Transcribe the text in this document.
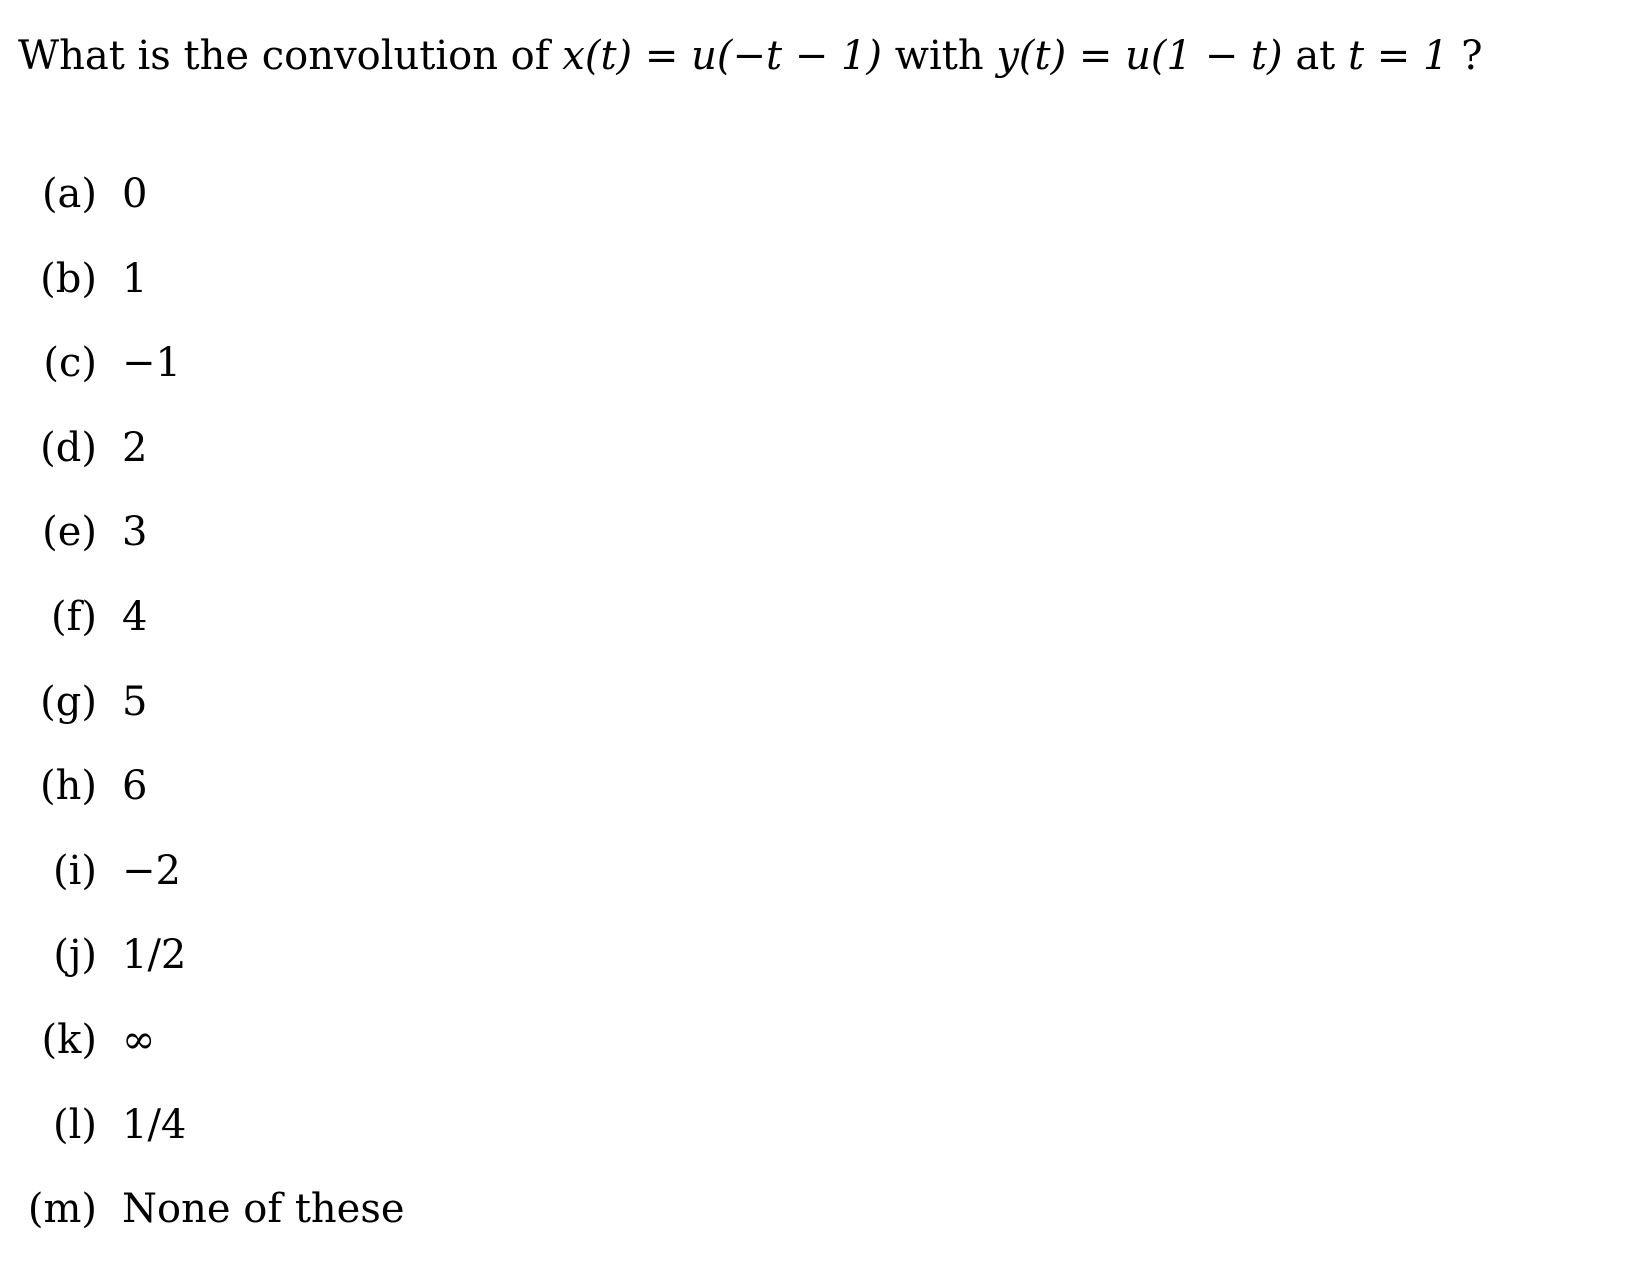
What is the convolution of x(t) = u(−t − 1) with y(t) = u(1 − t) at t = 1 ?

(a) 0
(b) 1
(c) −1
(d) 2
(e) 3
(f) 4
(g) 5
(h) 6
(i) −2
(j) 1/2
(k) ∞
(l) 1/4
(m) None of these
